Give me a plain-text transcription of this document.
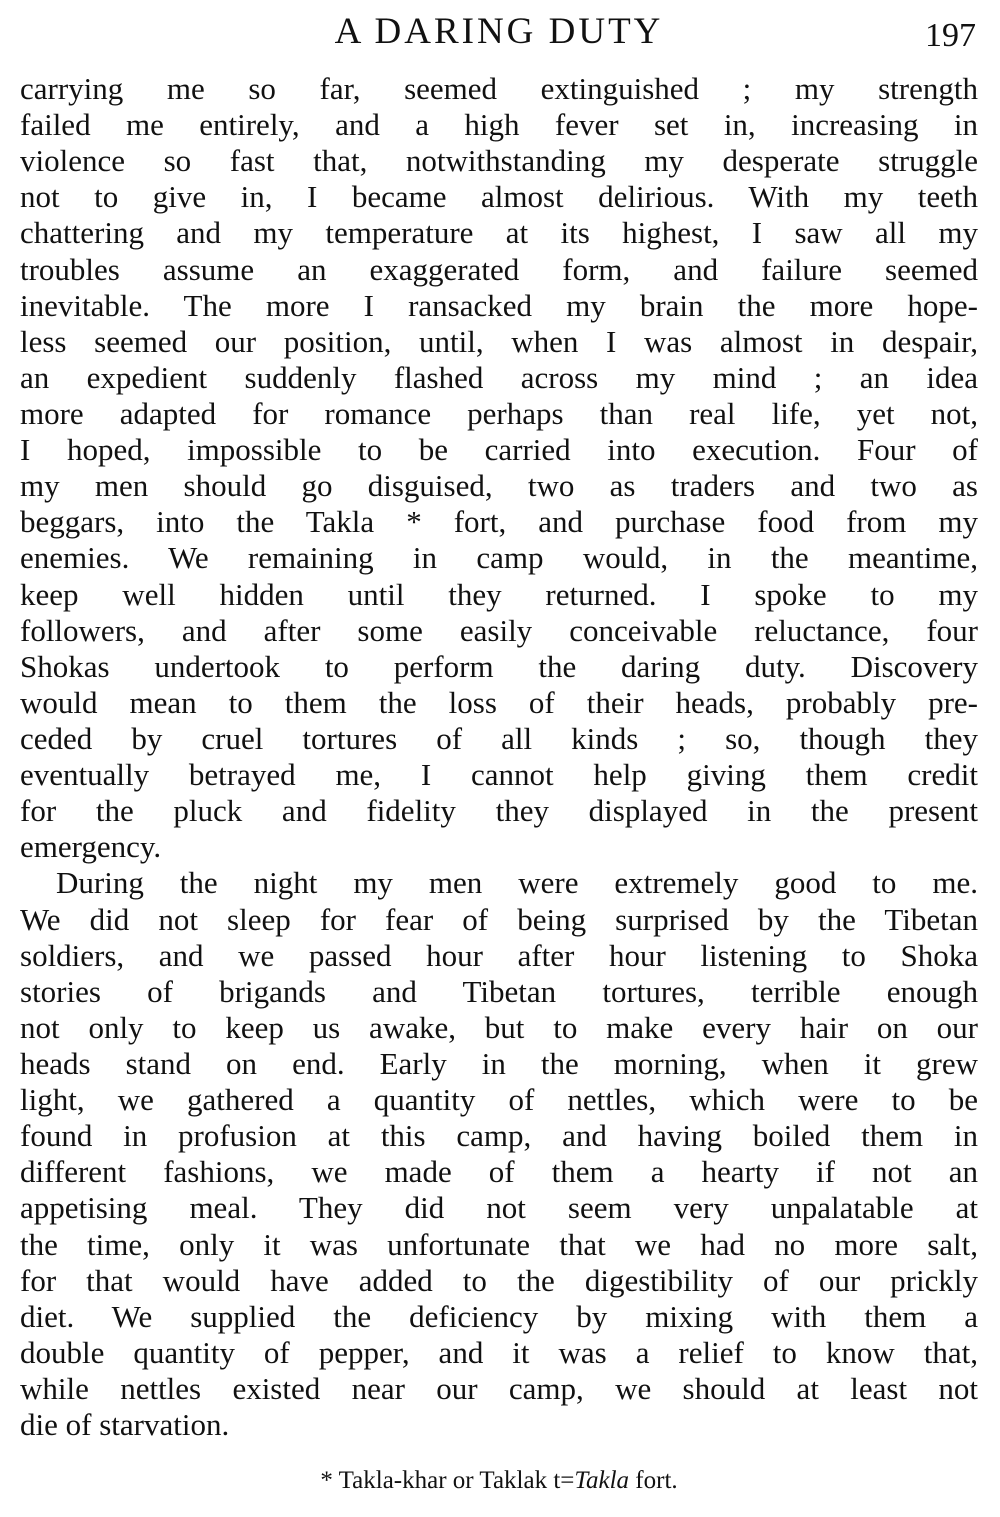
A DARING DUTY	197
carrying me so far, seemed extinguished ; my strength
failed me entirely, and a high fever set in, increasing in
violence so fast that, notwithstanding my desperate struggle
not to give in, I became almost delirious. With my teeth
chattering and my temperature at its highest, I saw all my
troubles assume an exaggerated form, and failure seemed
inevitable. The more I ransacked my brain the more hope-
less seemed our position, until, when I was almost in despair,
an expedient suddenly flashed across my mind ; an idea
more adapted for romance perhaps than real life, yet not,
I hoped, impossible to be carried into execution. Four of
my men should go disguised, two as traders and two as
beggars, into the Takla * fort, and purchase food from my
enemies. We remaining in camp would, in the meantime,
keep well hidden until they returned. I spoke to my
followers, and after some easily conceivable reluctance, four
Shokas undertook to perform the daring duty. Discovery
would mean to them the loss of their heads, probably pre-
ceded by cruel tortures of all kinds ; so, though they
eventually betrayed me, I cannot help giving them credit
for the pluck and fidelity they displayed in the present
emergency.
During the night my men were extremely good to me.
We did not sleep for fear of being surprised by the Tibetan
soldiers, and we passed hour after hour listening to Shoka
stories of brigands and Tibetan tortures, terrible enough
not only to keep us awake, but to make every hair on our
heads stand on end. Early in the morning, when it grew
light, we gathered a quantity of nettles, which were to be
found in profusion at this camp, and having boiled them in
different fashions, we made of them a hearty if not an
appetising meal. They did not seem very unpalatable at
the time, only it was unfortunate that we had no more salt,
for that would have added to the digestibility of our prickly
diet. We supplied the deficiency by mixing with them a
double quantity of pepper, and it was a relief to know that,
while nettles existed near our camp, we should at least not
die of starvation.
* Takla-khar or Taklak t=Takla fort.
